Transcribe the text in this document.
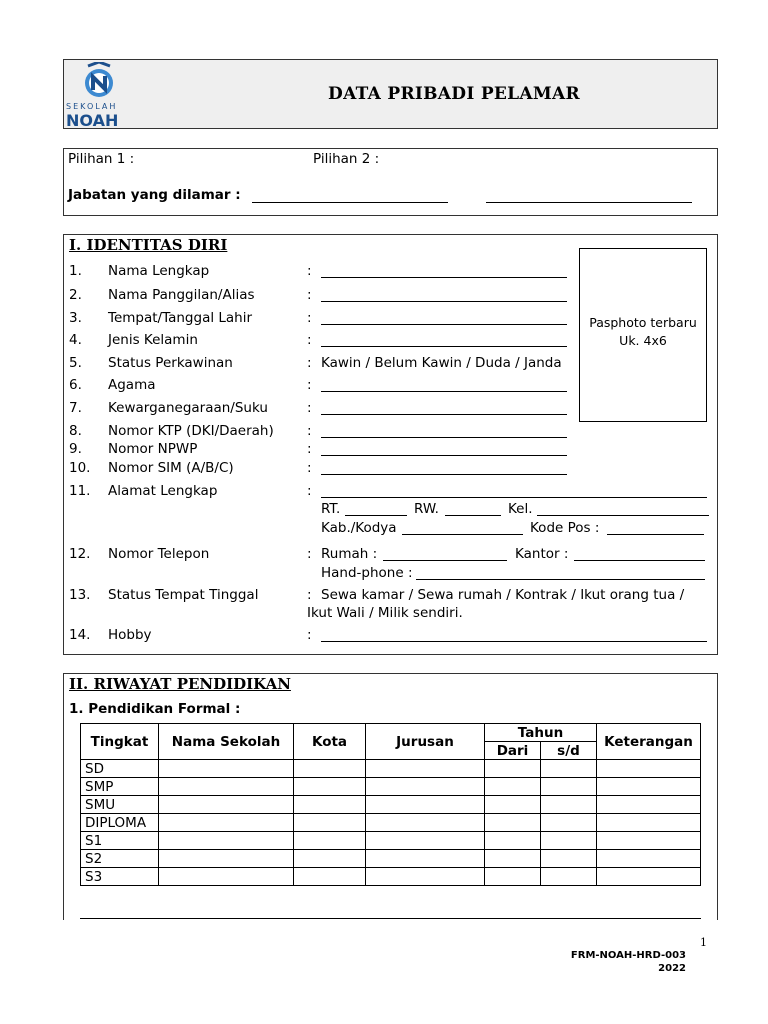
SEKOLAH
NOAH
DATA PRIBADI PELAMAR
Pilihan 1 :	Pilihan 2 :
Jabatan yang dilamar :
I. IDENTITAS DIRI
Pasphoto terbaru
Uk. 4x6
1. Nama Lengkap	:
2. Nama Panggilan/Alias	:
3. Tempat/Tanggal Lahir	:
4. Jenis Kelamin	:
5. Status Perkawinan	: Kawin / Belum Kawin / Duda / Janda
6. Agama	:
7. Kewarganegaraan/Suku	:
8. Nomor KTP (DKI/Daerah) :
9. Nomor NPWP	:
10. Nomor SIM (A/B/C)	:
11. Alamat Lengkap	:
RT.	RW.	Kel.
Kab./Kodya	Kode Pos :
12. Nomor Telepon	: Rumah :	Kantor :
Hand-phone :
13. Status Tempat Tinggal	: Sewa kamar / Sewa rumah / Kontrak / Ikut orang tua /
Ikut Wali / Milik sendiri.
14. Hobby	:
II. RIWAYAT PENDIDIKAN
1. Pendidikan Formal :
Tingkat	Nama Sekolah	Kota	Jurusan	Tahun		Keterangan
				Dari	s/d	
SD						
SMP						
SMU						
DIPLOMA						
S1						
S2						
S3						
1
FRM-NOAH-HRD-003
2022
